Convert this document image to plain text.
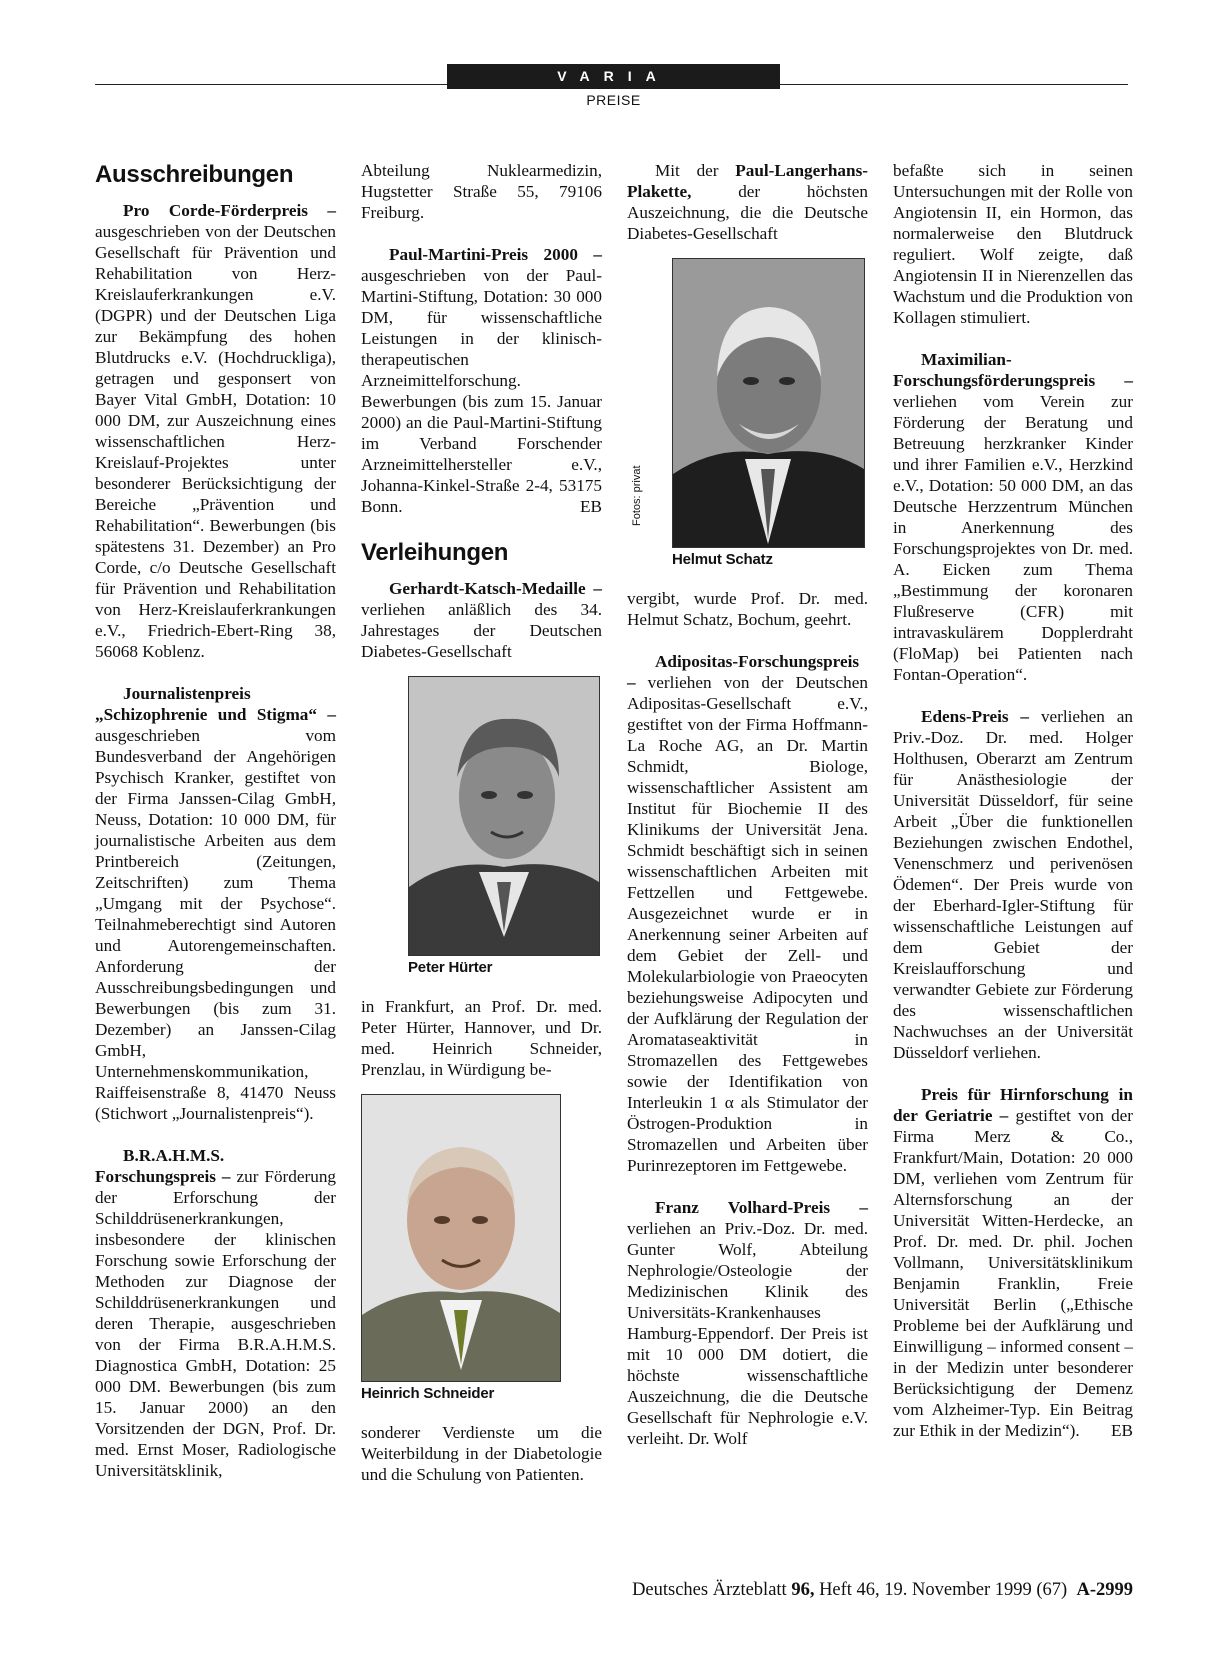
VARIA
PREISE
Ausschreibungen

Pro Corde-Förderpreis – ausgeschrieben von der Deutschen Gesellschaft für Prävention und Rehabilitation von Herz-Kreislauferkrankungen e.V. (DGPR) und der Deutschen Liga zur Bekämpfung des hohen Blutdrucks e.V. (Hochdruckliga), getragen und gesponsert von Bayer Vital GmbH, Dotation: 10 000 DM, zur Auszeichnung eines wissenschaftlichen Herz-Kreislauf-Projektes unter besonderer Berücksichtigung der Bereiche „Prävention und Rehabilitation“. Bewerbungen (bis spätestens 31. Dezember) an Pro Corde, c/o Deutsche Gesellschaft für Prävention und Rehabilitation von Herz-Kreislauferkrankungen e.V., Friedrich-Ebert-Ring 38, 56068 Koblenz.

Journalistenpreis „Schizophrenie und Stigma“ – ausgeschrieben vom Bundesverband der Angehörigen Psychisch Kranker, gestiftet von der Firma Janssen-Cilag GmbH, Neuss, Dotation: 10 000 DM, für journalistische Arbeiten aus dem Printbereich (Zeitungen, Zeitschriften) zum Thema „Umgang mit der Psychose“. Teilnahmeberechtigt sind Autoren und Autorengemeinschaften. Anforderung der Ausschreibungsbedingungen und Bewerbungen (bis zum 31. Dezember) an Janssen-Cilag GmbH, Unternehmenskommunikation, Raiffeisenstraße 8, 41470 Neuss (Stichwort „Journalistenpreis“).

B.R.A.H.M.S. Forschungspreis – zur Förderung der Erforschung der Schilddrüsenerkrankungen, insbesondere der klinischen Forschung sowie Erforschung der Methoden zur Diagnose der Schilddrüsenerkrankungen und deren Therapie, ausgeschrieben von der Firma B.R.A.H.M.S. Diagnostica GmbH, Dotation: 25 000 DM. Bewerbungen (bis zum 15. Januar 2000) an den Vorsitzenden der DGN, Prof. Dr. med. Ernst Moser, Radiologische Universitätsklinik,

Abteilung Nuklearmedizin, Hugstetter Straße 55, 79106 Freiburg.

Paul-Martini-Preis 2000 – ausgeschrieben von der Paul-Martini-Stiftung, Dotation: 30 000 DM, für wissenschaftliche Leistungen in der klinisch-therapeutischen Arzneimittelforschung. Bewerbungen (bis zum 15. Januar 2000) an die Paul-Martini-Stiftung im Verband Forschender Arzneimittelhersteller e.V., Johanna-Kinkel-Straße 2-4, 53175 Bonn.	EB

Verleihungen

Gerhardt-Katsch-Medaille – verliehen anläßlich des 34. Jahrestages der Deutschen Diabetes-Gesellschaft

Peter Hürter

in Frankfurt, an Prof. Dr. med. Peter Hürter, Hannover, und Dr. med. Heinrich Schneider, Prenzlau, in Würdigung be-

Heinrich Schneider

sonderer Verdienste um die Weiterbildung in der Diabetologie und die Schulung von Patienten.

Mit der Paul-Langerhans-Plakette,	der höchsten Auszeichnung, die die Deutsche Diabetes-Gesellschaft

Fotos: privat
Helmut Schatz

vergibt, wurde Prof. Dr. med. Helmut Schatz, Bochum, geehrt.

Adipositas-Forschungspreis – verliehen von der Deutschen Adipositas-Gesellschaft e.V., gestiftet von der Firma Hoffmann-La Roche AG, an Dr. Martin Schmidt, Biologe, wissenschaftlicher Assistent am Institut für Biochemie II des Klinikums der Universität Jena. Schmidt beschäftigt sich in seinen wissenschaftlichen Arbeiten mit Fettzellen und Fettgewebe. Ausgezeichnet wurde er in Anerkennung seiner Arbeiten auf dem Gebiet der Zell- und Molekularbiologie von Praeocyten beziehungsweise Adipocyten und der Aufklärung der Regulation der Aromataseaktivität in Stromazellen des Fettgewebes sowie der Identifikation von Interleukin 1 α als Stimulator der Östrogen-Produktion in Stromazellen und Arbeiten über Purinrezeptoren im Fettgewebe.

Franz Volhard-Preis – verliehen an Priv.-Doz. Dr. med. Gunter Wolf, Abteilung Nephrologie/Osteologie der Medizinischen Klinik des Universitäts-Krankenhauses Hamburg-Eppendorf. Der Preis ist mit 10 000 DM dotiert, die höchste wissenschaftliche Auszeichnung, die die Deutsche Gesellschaft für Nephrologie e.V. verleiht. Dr. Wolf

befaßte sich in seinen Untersuchungen mit der Rolle von Angiotensin II, ein Hormon, das normalerweise den Blutdruck reguliert. Wolf zeigte, daß Angiotensin II in Nierenzellen das Wachstum und die Produktion von Kollagen stimuliert.

Maximilian-Forschungsförderungspreis – verliehen vom Verein zur Förderung der Beratung und Betreuung herzkranker Kinder und ihrer Familien e.V., Herzkind e.V., Dotation: 50 000 DM, an das Deutsche Herzzentrum München in Anerkennung des Forschungsprojektes von Dr. med. A. Eicken zum Thema „Bestimmung der koronaren Flußreserve (CFR) mit intravaskulärem Dopplerdraht (FloMap) bei Patienten nach Fontan-Operation“.

Edens-Preis – verliehen an Priv.-Doz. Dr. med. Holger Holthusen, Oberarzt am Zentrum für Anästhesiologie der Universität Düsseldorf, für seine Arbeit „Über die funktionellen Beziehungen zwischen Endothel, Venenschmerz und perivenösen Ödemen“. Der Preis wurde von der Eberhard-Igler-Stiftung für wissenschaftliche Leistungen auf dem Gebiet der Kreislaufforschung und verwandter Gebiete zur Förderung des wissenschaftlichen Nachwuchses an der Universität Düsseldorf verliehen.

Preis für Hirnforschung in der Geriatrie – gestiftet von der Firma Merz & Co., Frankfurt/Main, Dotation: 20 000 DM, verliehen vom Zentrum für Alternsforschung an der Universität Witten-Herdecke, an Prof. Dr. med. Dr. phil. Jochen Vollmann, Universitätsklinikum Benjamin Franklin, Freie Universität Berlin („Ethische Probleme bei der Aufklärung und Einwilligung – informed consent – in der Medizin unter besonderer Berücksichtigung der Demenz vom Alzheimer-Typ. Ein Beitrag zur Ethik in der Medizin“).	EB

Deutsches Ärzteblatt 96, Heft 46, 19. November 1999 (67) A-2999
